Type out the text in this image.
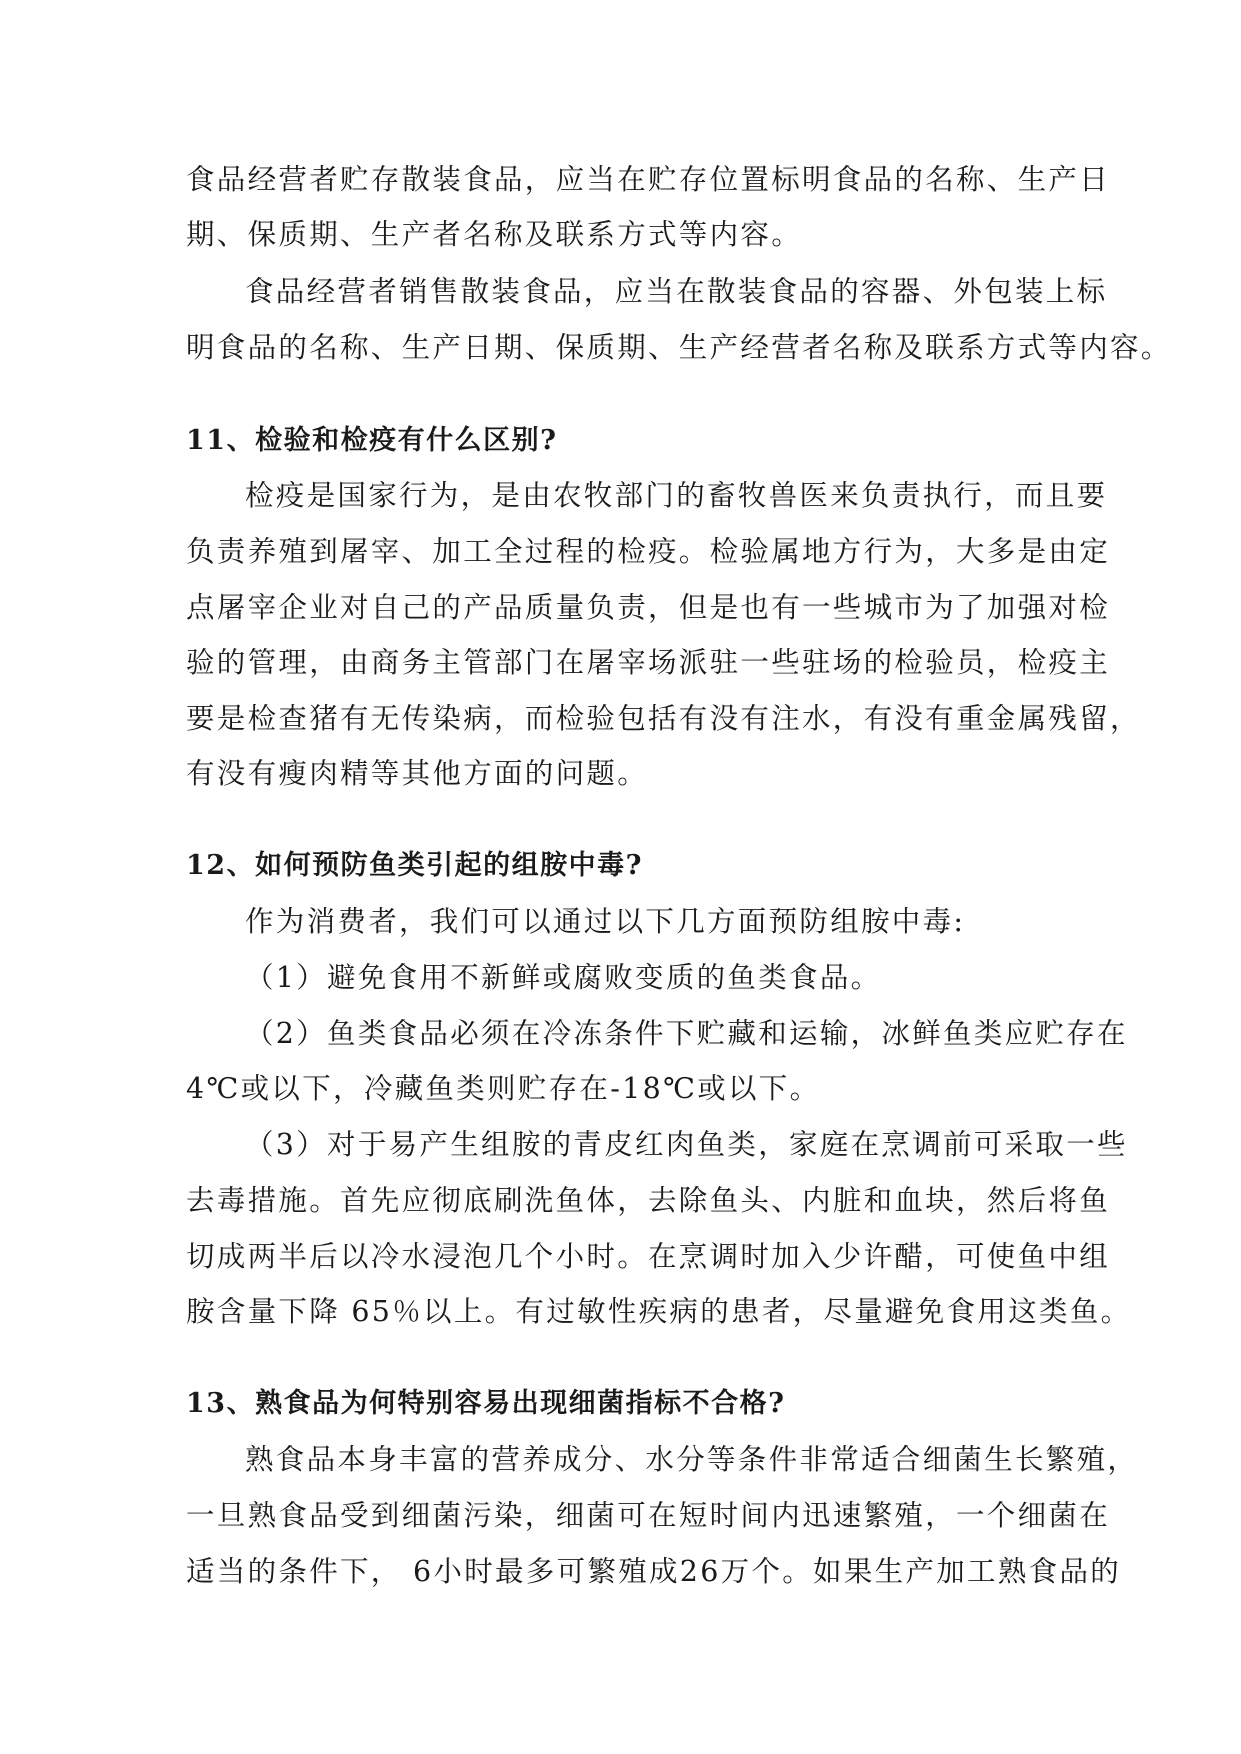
食品经营者贮存散装食品，应当在贮存位置标明食品的名称、生产日
期、保质期、生产者名称及联系方式等内容。
食品经营者销售散装食品，应当在散装食品的容器、外包装上标
明食品的名称、生产日期、保质期、生产经营者名称及联系方式等内容。
11、检验和检疫有什么区别?
检疫是国家行为，是由农牧部门的畜牧兽医来负责执行，而且要
负责养殖到屠宰、加工全过程的检疫。检验属地方行为，大多是由定
点屠宰企业对自己的产品质量负责，但是也有一些城市为了加强对检
验的管理，由商务主管部门在屠宰场派驻一些驻场的检验员，检疫主
要是检查猪有无传染病，而检验包括有没有注水，有没有重金属残留，
有没有瘦肉精等其他方面的问题。
12、如何预防鱼类引起的组胺中毒?
作为消费者，我们可以通过以下几方面预防组胺中毒:
（1）避免食用不新鲜或腐败变质的鱼类食品。
（2）鱼类食品必须在冷冻条件下贮藏和运输，冰鲜鱼类应贮存在
4℃或以下，冷藏鱼类则贮存在-18℃或以下。
（3）对于易产生组胺的青皮红肉鱼类，家庭在烹调前可采取一些
去毒措施。首先应彻底刷洗鱼体，去除鱼头、内脏和血块，然后将鱼
切成两半后以冷水浸泡几个小时。在烹调时加入少许醋，可使鱼中组
胺含量下降 65％以上。有过敏性疾病的患者，尽量避免食用这类鱼。
13、熟食品为何特别容易出现细菌指标不合格?
熟食品本身丰富的营养成分、水分等条件非常适合细菌生长繁殖，
一旦熟食品受到细菌污染，细菌可在短时间内迅速繁殖，一个细菌在
适当的条件下， 6小时最多可繁殖成26万个。如果生产加工熟食品的
